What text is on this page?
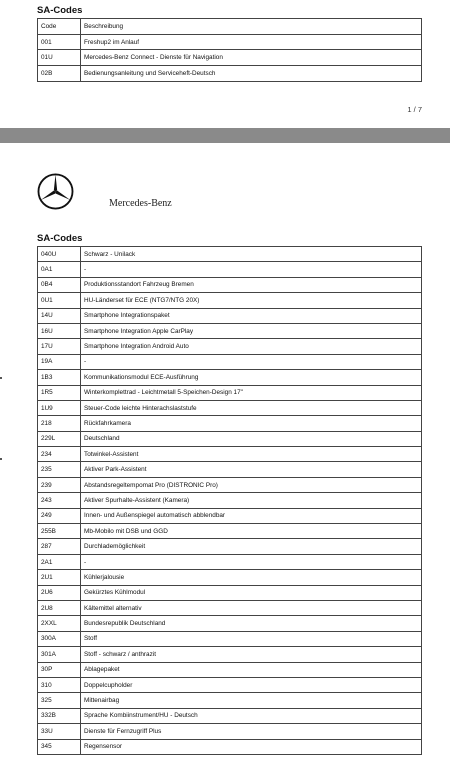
SA-Codes
Code	Beschreibung
001	Freshup2 im Anlauf
01U	Mercedes-Benz Connect - Dienste für Navigation
02B	Bedienungsanleitung und Serviceheft-Deutsch
1 / 7
Mercedes-Benz
SA-Codes
040U	Schwarz - Unilack
0A1	-
0B4	Produktionsstandort Fahrzeug Bremen
0U1	HU-Länderset für ECE (NTG7/NTG 20X)
14U	Smartphone Integrationspaket
16U	Smartphone Integration Apple CarPlay
17U	Smartphone Integration Android Auto
19A	-
1B3	Kommunikationsmodul ECE-Ausführung
1R5	Winterkomplettrad - Leichtmetall 5-Speichen-Design 17"
1U9	Steuer-Code leichte Hinterachslaststufe
218	Rückfahrkamera
229L	Deutschland
234	Totwinkel-Assistent
235	Aktiver Park-Assistent
239	Abstandsregeltempomat Pro (DISTRONIC Pro)
243	Aktiver Spurhalte-Assistent (Kamera)
249	Innen- und Außenspiegel automatisch abblendbar
255B	Mb-Mobilo mit DSB und GGD
287	Durchlademöglichkeit
2A1	-
2U1	Kühlerjalousie
2U6	Gekürztes Kühlmodul
2U8	Kältemittel alternativ
2XXL	Bundesrepublik Deutschland
300A	Stoff
301A	Stoff - schwarz / anthrazit
30P	Ablagepaket
310	Doppelcupholder
325	Mittenairbag
332B	Sprache Kombiinstrument/HU - Deutsch
33U	Dienste für Fernzugriff Plus
345	Regensensor
